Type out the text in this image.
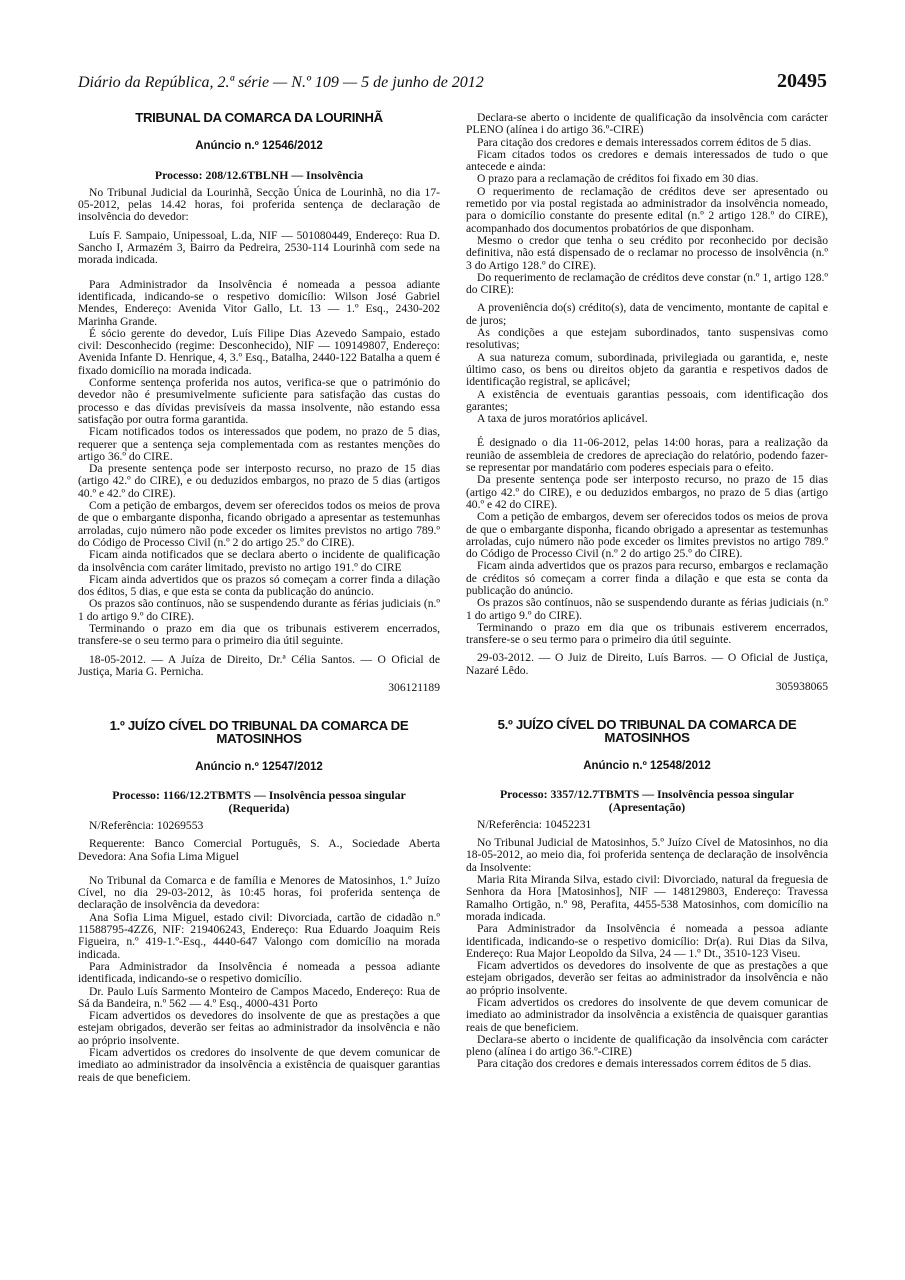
Diário da República, 2.ª série — N.º 109 — 5 de junho de 2012	20495
TRIBUNAL DA COMARCA DA LOURINHÃ
Anúncio n.º 12546/2012
Processo: 208/12.6TBLNH — Insolvência

No Tribunal Judicial da Lourinhã, Secção Única de Lourinhã, no dia 17-05-2012, pelas 14.42 horas, foi proferida sentença de declaração de insolvência do devedor:

Luís F. Sampaio, Unipessoal, L.da, NIF — 501080449, Endereço: Rua D. Sancho I, Armazém 3, Bairro da Pedreira, 2530-114 Lourinhã com sede na morada indicada.

Para Administrador da Insolvência é nomeada a pessoa adiante identificada, indicando-se o respetivo domicílio: Wilson José Gabriel Mendes, Endereço: Avenida Vitor Gallo, Lt. 13 — 1.º Esq., 2430-202 Marinha Grande.

É sócio gerente do devedor, Luís Filipe Dias Azevedo Sampaio, estado civil: Desconhecido (regime: Desconhecido), NIF — 109149807, Endereço: Avenida Infante D. Henrique, 4, 3.º Esq., Batalha, 2440-122 Batalha a quem é fixado domicílio na morada indicada.

Conforme sentença proferida nos autos, verifica-se que o património do devedor não é presumivelmente suficiente para satisfação das custas do processo e das dívidas previsíveis da massa insolvente, não estando essa satisfação por outra forma garantida.

Ficam notificados todos os interessados que podem, no prazo de 5 dias, requerer que a sentença seja complementada com as restantes menções do artigo 36.º do CIRE.

Da presente sentença pode ser interposto recurso, no prazo de 15 dias (artigo 42.º do CIRE), e ou deduzidos embargos, no prazo de 5 dias (artigos 40.º e 42.º do CIRE).

Com a petição de embargos, devem ser oferecidos todos os meios de prova de que o embargante disponha, ficando obrigado a apresentar as testemunhas arroladas, cujo número não pode exceder os limites previstos no artigo 789.º do Código de Processo Civil (n.º 2 do artigo 25.º do CIRE).

Ficam ainda notificados que se declara aberto o incidente de qualificação da insolvência com caráter limitado, previsto no artigo 191.º do CIRE

Ficam ainda advertidos que os prazos só começam a correr finda a dilação dos éditos, 5 dias, e que esta se conta da publicação do anúncio.

Os prazos são contínuos, não se suspendendo durante as férias judiciais (n.º 1 do artigo 9.º do CIRE).

Terminando o prazo em dia que os tribunais estiverem encerrados, transfere-se o seu termo para o primeiro dia útil seguinte.

18-05-2012. — A Juíza de Direito, Dr.ª Célia Santos. — O Oficial de Justiça, Maria G. Pernicha.

306121189

1.º JUÍZO CÍVEL DO TRIBUNAL DA COMARCA DE MATOSINHOS
Anúncio n.º 12547/2012
Processo: 1166/12.2TBMTS — Insolvência pessoa singular (Requerida)

N/Referência: 10269553

Requerente: Banco Comercial Português, S. A., Sociedade Aberta Devedora: Ana Sofia Lima Miguel

No Tribunal da Comarca e de família e Menores de Matosinhos, 1.º Juízo Cível, no dia 29-03-2012, às 10:45 horas, foi proferida sentença de declaração de insolvência da devedora:

Ana Sofia Lima Miguel, estado civil: Divorciada, cartão de cidadão n.º 11588795-4ZZ6, NIF: 219406243, Endereço: Rua Eduardo Joaquim Reis Figueira, n.º 419-1.º-Esq., 4440-647 Valongo com domicílio na morada indicada.

Para Administrador da Insolvência é nomeada a pessoa adiante identificada, indicando-se o respetivo domicílio.

Dr. Paulo Luís Sarmento Monteiro de Campos Macedo, Endereço: Rua de Sá da Bandeira, n.º 562 — 4.º Esq., 4000-431 Porto

Ficam advertidos os devedores do insolvente de que as prestações a que estejam obrigados, deverão ser feitas ao administrador da insolvência e não ao próprio insolvente.

Ficam advertidos os credores do insolvente de que devem comunicar de imediato ao administrador da insolvência a existência de quaisquer garantias reais de que beneficiem.

Declara-se aberto o incidente de qualificação da insolvência com carácter PLENO (alínea i do artigo 36.º-CIRE)

Para citação dos credores e demais interessados correm éditos de 5 dias.

Ficam citados todos os credores e demais interessados de tudo o que antecede e ainda:

O prazo para a reclamação de créditos foi fixado em 30 dias.

O requerimento de reclamação de créditos deve ser apresentado ou remetido por via postal registada ao administrador da insolvência nomeado, para o domicílio constante do presente edital (n.º 2 artigo 128.º do CIRE), acompanhado dos documentos probatórios de que disponham.

Mesmo o credor que tenha o seu crédito por reconhecido por decisão definitiva, não está dispensado de o reclamar no processo de insolvência (n.º 3 do Artigo 128.º do CIRE).

Do requerimento de reclamação de créditos deve constar (n.º 1, artigo 128.º do CIRE):

A proveniência do(s) crédito(s), data de vencimento, montante de capital e de juros;

As condições a que estejam subordinados, tanto suspensivas como resolutivas;

A sua natureza comum, subordinada, privilegiada ou garantida, e, neste último caso, os bens ou direitos objeto da garantia e respetivos dados de identificação registral, se aplicável;

A existência de eventuais garantias pessoais, com identificação dos garantes;

A taxa de juros moratórios aplicável.

É designado o dia 11-06-2012, pelas 14:00 horas, para a realização da reunião de assembleia de credores de apreciação do relatório, podendo fazer-se representar por mandatário com poderes especiais para o efeito.

Da presente sentença pode ser interposto recurso, no prazo de 15 dias (artigo 42.º do CIRE), e ou deduzidos embargos, no prazo de 5 dias (artigo 40.º e 42 do CIRE).

Com a petição de embargos, devem ser oferecidos todos os meios de prova de que o embargante disponha, ficando obrigado a apresentar as testemunhas arroladas, cujo número não pode exceder os limites previstos no artigo 789.º do Código de Processo Civil (n.º 2 do artigo 25.º do CIRE).

Ficam ainda advertidos que os prazos para recurso, embargos e reclamação de créditos só começam a correr finda a dilação e que esta se conta da publicação do anúncio.

Os prazos são contínuos, não se suspendendo durante as férias judiciais (n.º 1 do artigo 9.º do CIRE).

Terminando o prazo em dia que os tribunais estiverem encerrados, transfere-se o seu termo para o primeiro dia útil seguinte.

29-03-2012. — O Juiz de Direito, Luís Barros. — O Oficial de Justiça, Nazaré Lêdo.

305938065

5.º JUÍZO CÍVEL DO TRIBUNAL DA COMARCA DE MATOSINHOS
Anúncio n.º 12548/2012
Processo: 3357/12.7TBMTS — Insolvência pessoa singular (Apresentação)

N/Referência: 10452231

No Tribunal Judicial de Matosinhos, 5.º Juízo Cível de Matosinhos, no dia 18-05-2012, ao meio dia, foi proferida sentença de declaração de insolvência da Insolvente:

Maria Rita Miranda Silva, estado civil: Divorciado, natural da freguesia de Senhora da Hora [Matosinhos], NIF — 148129803, Endereço: Travessa Ramalho Ortigão, n.º 98, Perafita, 4455-538 Matosinhos, com domicílio na morada indicada.

Para Administrador da Insolvência é nomeada a pessoa adiante identificada, indicando-se o respetivo domicílio: Dr(a). Rui Dias da Silva, Endereço: Rua Major Leopoldo da Silva, 24 — 1.º Dt., 3510-123 Viseu.

Ficam advertidos os devedores do insolvente de que as prestações a que estejam obrigados, deverão ser feitas ao administrador da insolvência e não ao próprio insolvente.

Ficam advertidos os credores do insolvente de que devem comunicar de imediato ao administrador da insolvência a existência de quaisquer garantias reais de que beneficiem.

Declara-se aberto o incidente de qualificação da insolvência com carácter pleno (alínea i do artigo 36.º-CIRE)

Para citação dos credores e demais interessados correm éditos de 5 dias.
